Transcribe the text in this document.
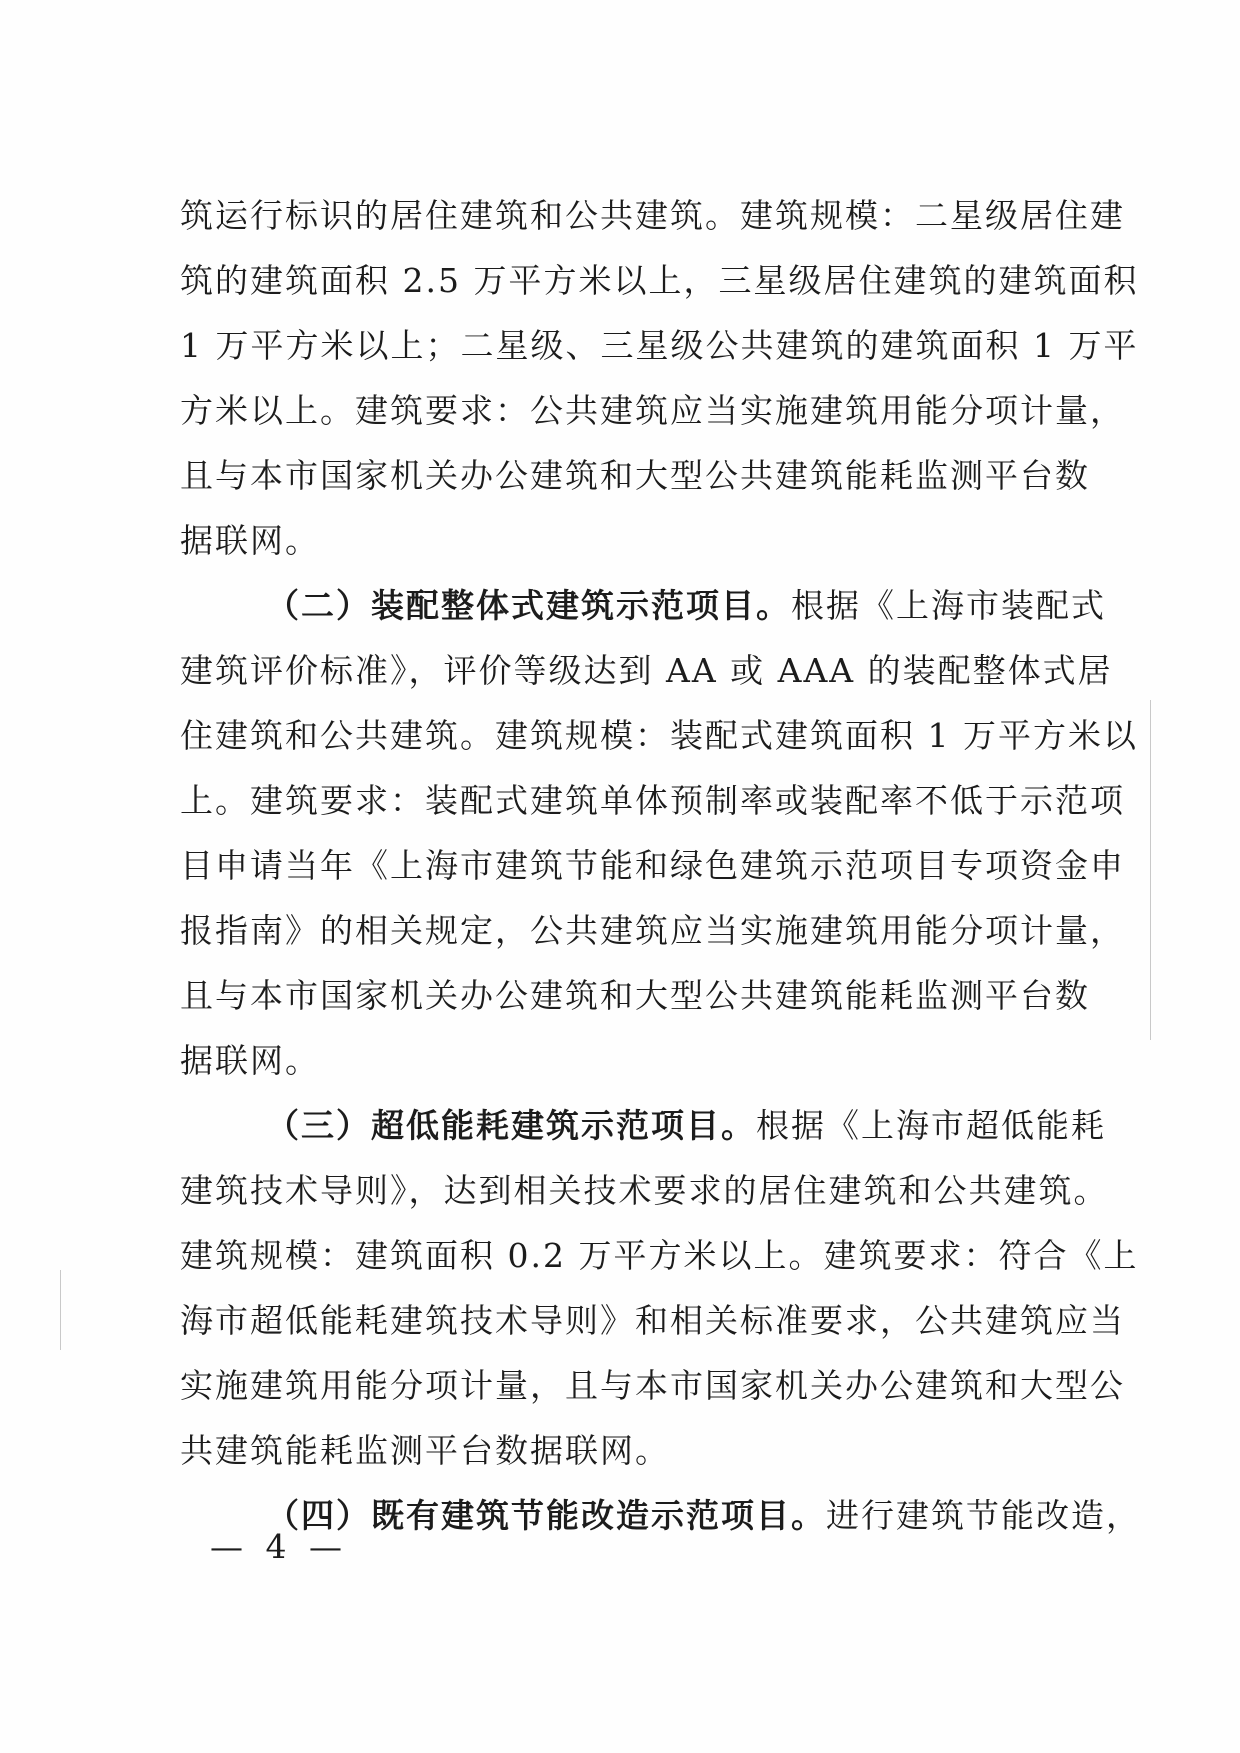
筑运行标识的居住建筑和公共建筑。建筑规模：二星级居住建
筑的建筑面积 2.5 万平方米以上，三星级居住建筑的建筑面积
1 万平方米以上；二星级、三星级公共建筑的建筑面积 1 万平
方米以上。建筑要求：公共建筑应当实施建筑用能分项计量，
且与本市国家机关办公建筑和大型公共建筑能耗监测平台数
据联网。
（二）装配整体式建筑示范项目。根据《上海市装配式
建筑评价标准》，评价等级达到 AA 或 AAA 的装配整体式居
住建筑和公共建筑。建筑规模：装配式建筑面积 1 万平方米以
上。建筑要求：装配式建筑单体预制率或装配率不低于示范项
目申请当年《上海市建筑节能和绿色建筑示范项目专项资金申
报指南》的相关规定，公共建筑应当实施建筑用能分项计量，
且与本市国家机关办公建筑和大型公共建筑能耗监测平台数
据联网。
（三）超低能耗建筑示范项目。根据《上海市超低能耗
建筑技术导则》，达到相关技术要求的居住建筑和公共建筑。
建筑规模：建筑面积 0.2 万平方米以上。建筑要求：符合《上
海市超低能耗建筑技术导则》和相关标准要求，公共建筑应当
实施建筑用能分项计量，且与本市国家机关办公建筑和大型公
共建筑能耗监测平台数据联网。
（四）既有建筑节能改造示范项目。进行建筑节能改造，
— 4 —
